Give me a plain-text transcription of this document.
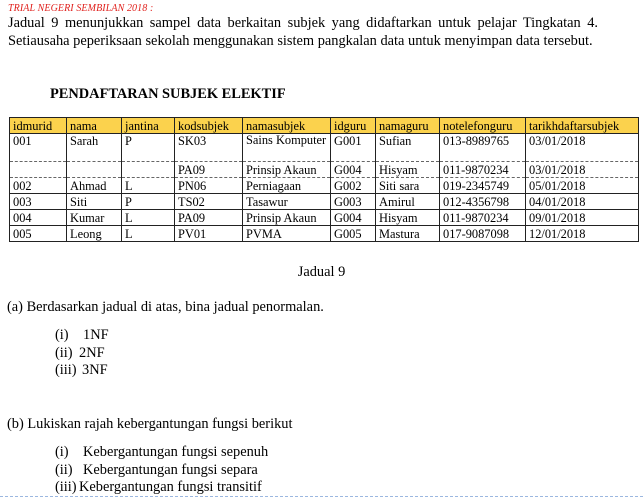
TRIAL NEGERI SEMBILAN 2018 :
Jadual 9 menunjukkan sampel data berkaitan subjek yang didaftarkan untuk pelajar Tingkatan 4. Setiausaha peperiksaan sekolah menggunakan sistem pangkalan data untuk menyimpan data tersebut.
PENDAFTARAN SUBJEK ELEKTIF
idmurid	nama	jantina	kodsubjek	namasubjek	idguru	namaguru	notelefonguru	tarikhdaftarsubjek
001	Sarah	P	SK03	Sains Komputer	G001	Sufian	013-8989765	03/01/2018
			PA09	Prinsip Akaun	G004	Hisyam	011-9870234	03/01/2018
002	Ahmad	L	PN06	Perniagaan	G002	Siti sara	019-2345749	05/01/2018
003	Siti	P	TS02	Tasawur	G003	Amirul	012-4356798	04/01/2018
004	Kumar	L	PA09	Prinsip Akaun	G004	Hisyam	011-9870234	09/01/2018
005	Leong	L	PV01	PVMA	G005	Mastura	017-9087098	12/01/2018
Jadual 9
(a) Berdasarkan jadual di atas, bina jadual penormalan.
(i) 1NF
(ii) 2NF
(iii) 3NF
(b) Lukiskan rajah kebergantungan fungsi berikut
(i) Kebergantungan fungsi sepenuh
(ii) Kebergantungan fungsi separa
(iii) Kebergantungan fungsi transitif
